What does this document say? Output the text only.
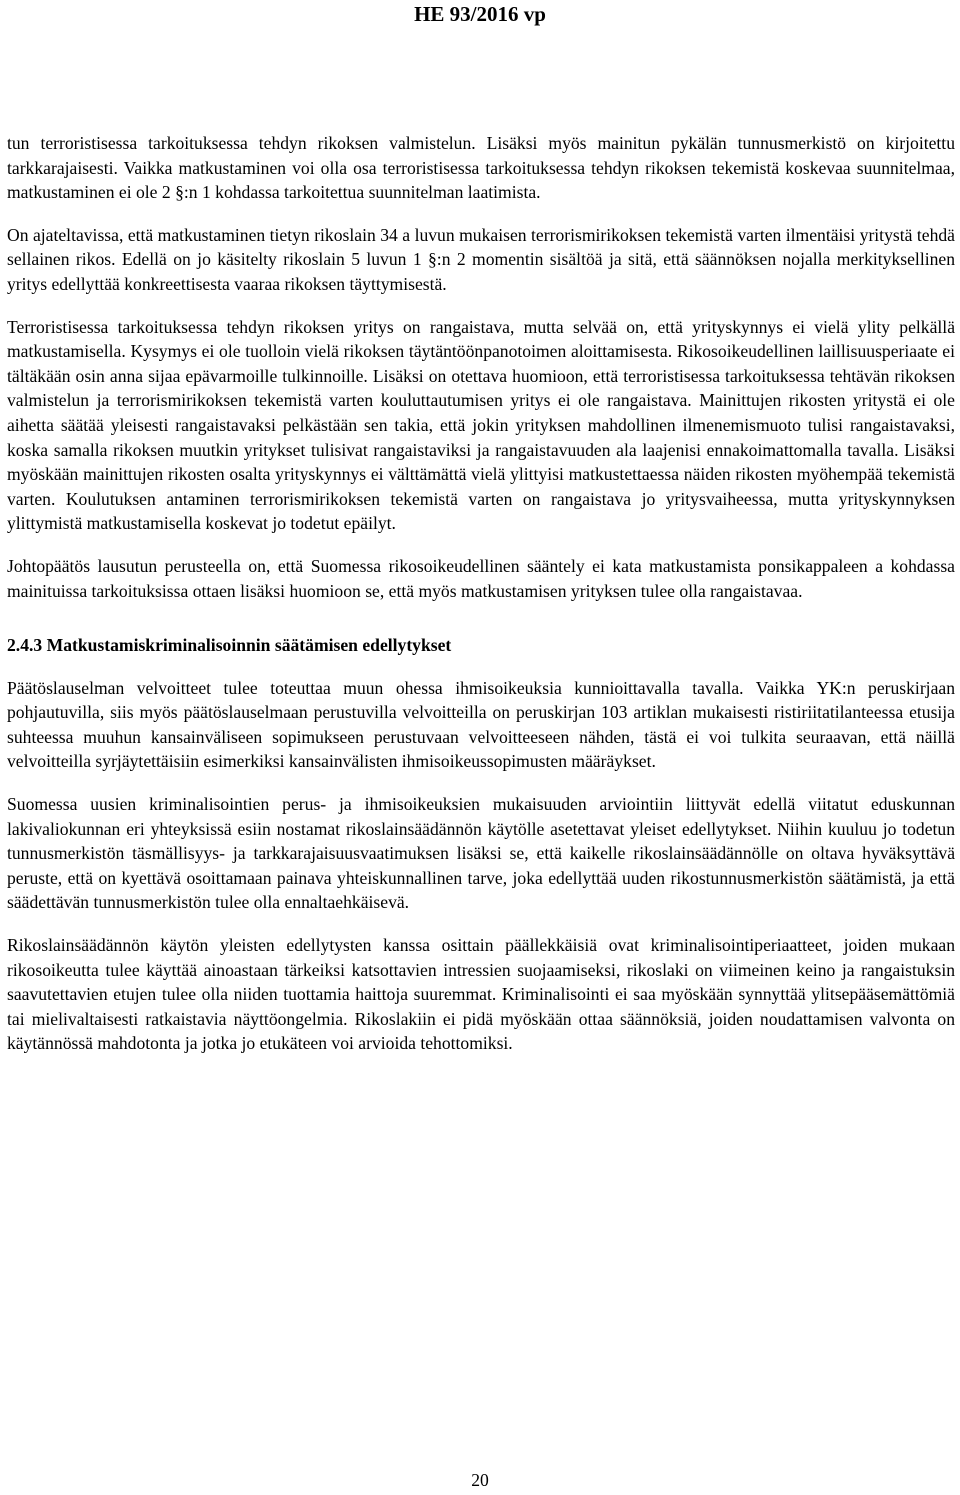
HE 93/2016 vp

tun terroristisessa tarkoituksessa tehdyn rikoksen valmistelun. Lisäksi myös mainitun pykälän tunnusmerkistö on kirjoitettu tarkkarajaisesti. Vaikka matkustaminen voi olla osa terroristisessa tarkoituksessa tehdyn rikoksen tekemistä koskevaa suunnitelmaa, matkustaminen ei ole 2 §:n 1 kohdassa tarkoitettua suunnitelman laatimista.

On ajateltavissa, että matkustaminen tietyn rikoslain 34 a luvun mukaisen terrorismirikoksen tekemistä varten ilmentäisi yritystä tehdä sellainen rikos. Edellä on jo käsitelty rikoslain 5 luvun 1 §:n 2 momentin sisältöä ja sitä, että säännöksen nojalla merkityksellinen yritys edellyttää konkreettisesta vaaraa rikoksen täyttymisestä.

Terroristisessa tarkoituksessa tehdyn rikoksen yritys on rangaistava, mutta selvää on, että yrityskynnys ei vielä ylity pelkällä matkustamisella. Kysymys ei ole tuolloin vielä rikoksen täytäntöönpanotoimen aloittamisesta. Rikosoikeudellinen laillisuusperiaate ei tältäkään osin anna sijaa epävarmoille tulkinnoille. Lisäksi on otettava huomioon, että terroristisessa tarkoituksessa tehtävän rikoksen valmistelun ja terrorismirikoksen tekemistä varten kouluttautumisen yritys ei ole rangaistava. Mainittujen rikosten yritystä ei ole aihetta säätää yleisesti rangaistavaksi pelkästään sen takia, että jokin yrityksen mahdollinen ilmenemismuoto tulisi rangaistavaksi, koska samalla rikoksen muutkin yritykset tulisivat rangaistaviksi ja rangaistavuuden ala laajenisi ennakoimattomalla tavalla. Lisäksi myöskään mainittujen rikosten osalta yrityskynnys ei välttämättä vielä ylittyisi matkustettaessa näiden rikosten myöhempää tekemistä varten. Koulutuksen antaminen terrorismirikoksen tekemistä varten on rangaistava jo yritysvaiheessa, mutta yrityskynnyksen ylittymistä matkustamisella koskevat jo todetut epäilyt.

Johtopäätös lausutun perusteella on, että Suomessa rikosoikeudellinen sääntely ei kata matkustamista ponsikappaleen a kohdassa mainituissa tarkoituksissa ottaen lisäksi huomioon se, että myös matkustamisen yrityksen tulee olla rangaistavaa.

2.4.3 Matkustamiskriminalisoinnin säätämisen edellytykset

Päätöslauselman velvoitteet tulee toteuttaa muun ohessa ihmisoikeuksia kunnioittavalla tavalla. Vaikka YK:n peruskirjaan pohjautuvilla, siis myös päätöslauselmaan perustuvilla velvoitteilla on peruskirjan 103 artiklan mukaisesti ristiriitatilanteessa etusija suhteessa muuhun kansainväliseen sopimukseen perustuvaan velvoitteeseen nähden, tästä ei voi tulkita seuraavan, että näillä velvoitteilla syrjäytettäisiin esimerkiksi kansainvälisten ihmisoikeussopimusten määräykset.

Suomessa uusien kriminalisointien perus- ja ihmisoikeuksien mukaisuuden arviointiin liittyvät edellä viitatut eduskunnan lakivaliokunnan eri yhteyksissä esiin nostamat rikoslainsäädännön käytölle asetettavat yleiset edellytykset. Niihin kuuluu jo todetun tunnusmerkistön täsmällisyys- ja tarkkarajaisuusvaatimuksen lisäksi se, että kaikelle rikoslainsäädännölle on oltava hyväksyttävä peruste, että on kyettävä osoittamaan painava yhteiskunnallinen tarve, joka edellyttää uuden rikostunnusmerkistön säätämistä, ja että säädettävän tunnusmerkistön tulee olla ennaltaehkäisevä.

Rikoslainsäädännön käytön yleisten edellytysten kanssa osittain päällekkäisiä ovat kriminalisointiperiaatteet, joiden mukaan rikosoikeutta tulee käyttää ainoastaan tärkeiksi katsottavien intressien suojaamiseksi, rikoslaki on viimeinen keino ja rangaistuksin saavutettavien etujen tulee olla niiden tuottamia haittoja suuremmat. Kriminalisointi ei saa myöskään synnyttää ylitsepääsemättömiä tai mielivaltaisesti ratkaistavia näyttöongelmia. Rikoslakiin ei pidä myöskään ottaa säännöksiä, joiden noudattamisen valvonta on käytännössä mahdotonta ja jotka jo etukäteen voi arvioida tehottomiksi.

20
